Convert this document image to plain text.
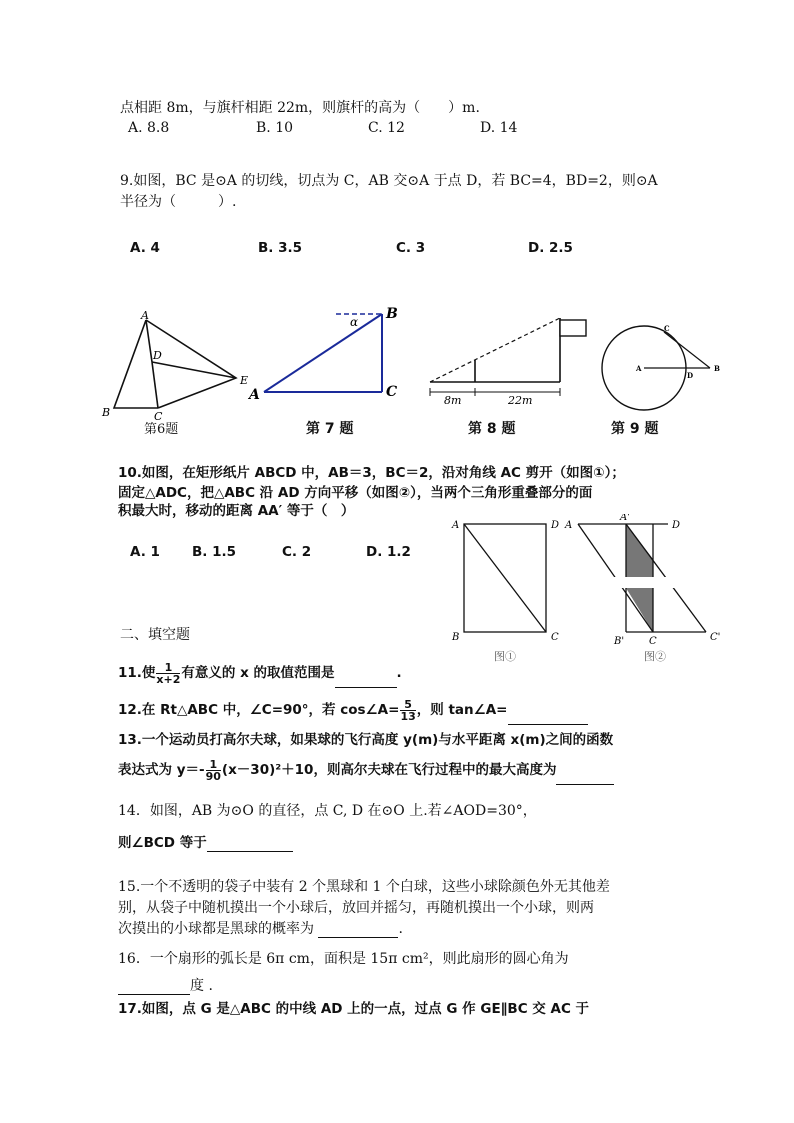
点相距 8m，与旗杆相距 22m，则旗杆的高为（　　）m.
A. 8.8	B. 10	C. 12	D. 14
9.如图，BC 是⊙A 的切线，切点为 C，AB 交⊙A 于点 D，若 BC=4，BD=2，则⊙A
半径为（　　　）.
A. 4	B. 3.5	C. 3	D. 2.5
A
B	C
D
E
第6题
α
A
B
C
第 7 题
8m	22m
第 8 题
A	B
C
D
第 9 题
10.如图，在矩形纸片 ABCD 中，AB＝3，BC＝2，沿对角线 AC 剪开（如图①）；
固定△ADC，把△ABC 沿 AD 方向平移（如图②），当两个三角形重叠部分的面
积最大时，移动的距离 AA′ 等于（　）
A. 1 B. 1.5	C. 2	D. 1.2
A	D
B	C
图①
A
A'
D
B' C	C'
图②
二、填空题
11.使 $\frac{1}{x+2}$ 有意义的 x 的取值范围是	.
12.在 Rt△ABC 中，∠C=90°，若 cos∠A= $\frac{5}{13}$ ，则 tan∠A=
13.一个运动员打高尔夫球，如果球的飞行高度 y(m)与水平距离 x(m)之间的函数
表达式为 $y=- \frac{1}{90} (x-30)^2+10$，则高尔夫球在飞行过程中的最大高度为
14．如图，AB 为⊙O 的直径，点 C, D 在⊙O 上.若∠AOD=30°，
则∠BCD 等于
15.一个不透明的袋子中装有 2 个黑球和 1 个白球，这些小球除颜色外无其他差
别，从袋子中随机摸出一个小球后，放回并摇匀，再随机摸出一个小球，则两
次摸出的小球都是黑球的概率为	.
16．一个扇形的弧长是 6π cm，面积是 15π cm²，则此扇形的圆心角为
度 .
17.如图，点 G 是△ABC 的中线 AD 上的一点，过点 G 作 GE∥BC 交 AC 于
